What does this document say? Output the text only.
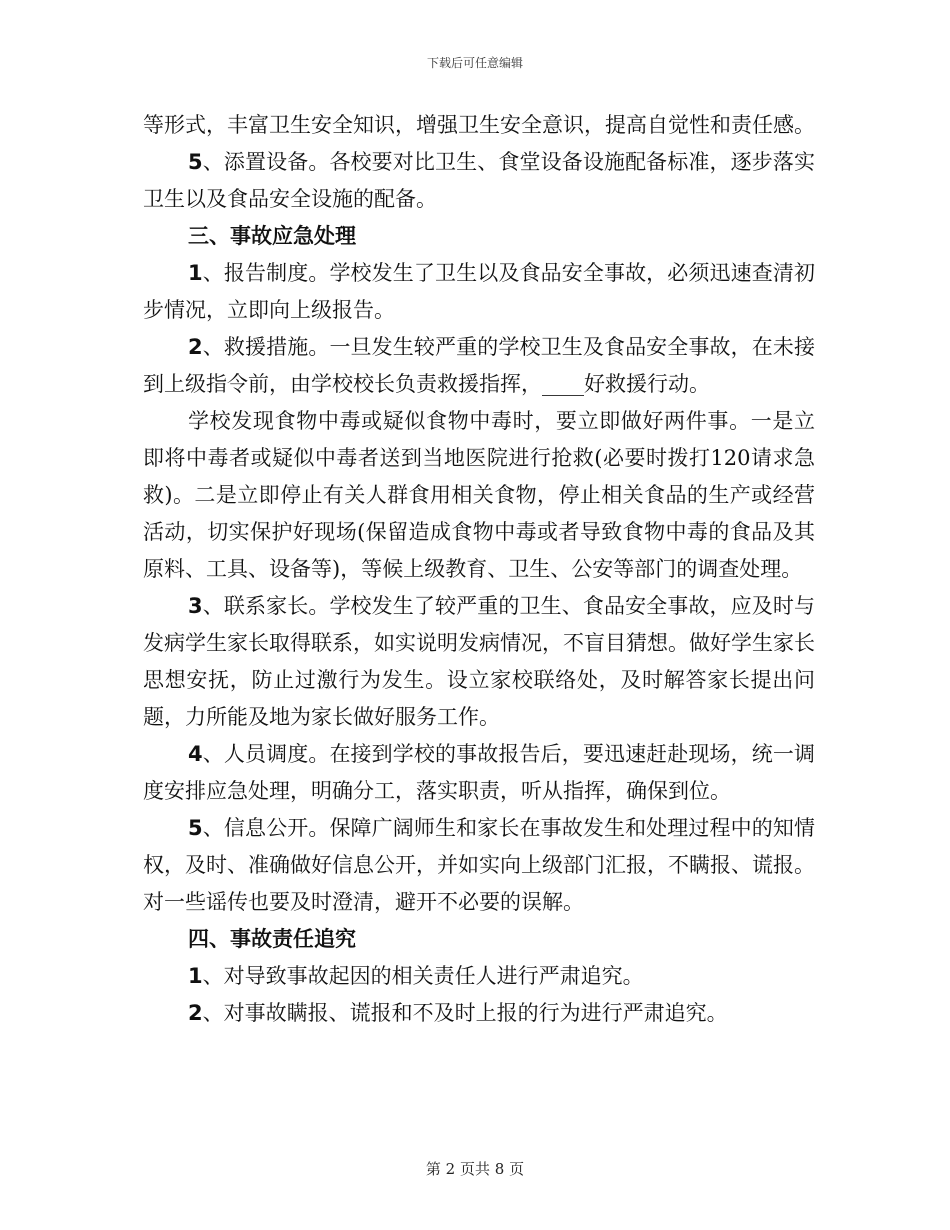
下载后可任意编辑

等形式，丰富卫生安全知识，增强卫生安全意识，提高自觉性和责任感。

5、添置设备。各校要对比卫生、食堂设备设施配备标准，逐步落实卫生以及食品安全设施的配备。

三、事故应急处理

1、报告制度。学校发生了卫生以及食品安全事故，必须迅速查清初步情况，立即向上级报告。

2、救援措施。一旦发生较严重的学校卫生及食品安全事故，在未接到上级指令前，由学校校长负责救援指挥，____好救援行动。

学校发现食物中毒或疑似食物中毒时，要立即做好两件事。一是立即将中毒者或疑似中毒者送到当地医院进行抢救(必要时拨打120请求急救)。二是立即停止有关人群食用相关食物，停止相关食品的生产或经营活动，切实保护好现场(保留造成食物中毒或者导致食物中毒的食品及其原料、工具、设备等)，等候上级教育、卫生、公安等部门的调查处理。

3、联系家长。学校发生了较严重的卫生、食品安全事故，应及时与发病学生家长取得联系，如实说明发病情况，不盲目猜想。做好学生家长思想安抚，防止过激行为发生。设立家校联络处，及时解答家长提出问题，力所能及地为家长做好服务工作。

4、人员调度。在接到学校的事故报告后，要迅速赶赴现场，统一调度安排应急处理，明确分工，落实职责，听从指挥，确保到位。

5、信息公开。保障广阔师生和家长在事故发生和处理过程中的知情权，及时、准确做好信息公开，并如实向上级部门汇报，不瞒报、谎报。对一些谣传也要及时澄清，避开不必要的误解。

四、事故责任追究

1、对导致事故起因的相关责任人进行严肃追究。

2、对事故瞒报、谎报和不及时上报的行为进行严肃追究。

第 2 页共 8 页
